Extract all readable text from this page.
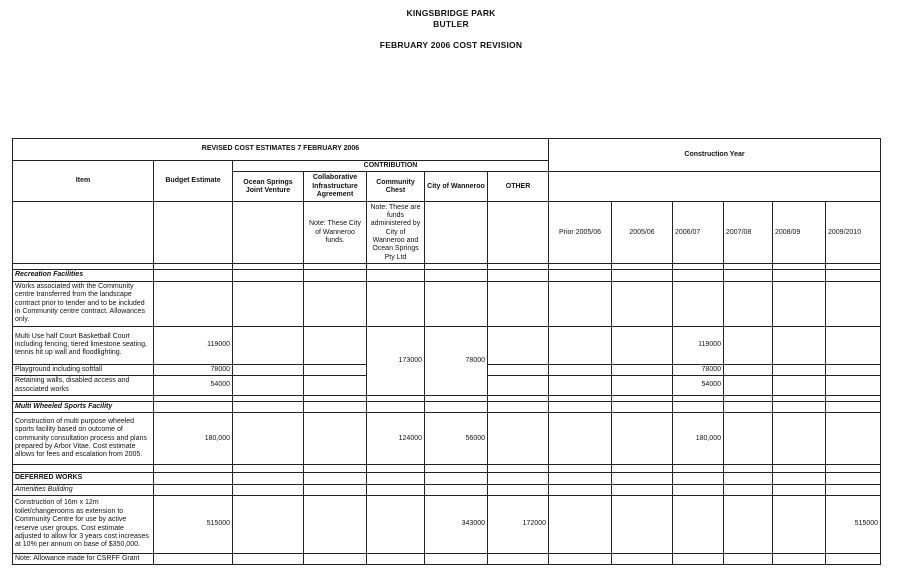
KINGSBRIDGE PARK
BUTLER
FEBRUARY 2006 COST REVISION
REVISED COST ESTIMATES 7 FEBRUARY 2006							Construction Year					
Item	Budget Estimate	CONTRIBUTION										
		Ocean Springs Joint Venture	Collaborative Infrastructure Agreement	Community Chest	City of Wanneroo	OTHER						
			Note: These City of Wanneroo funds.	Note: These are funds administered by City of Wanneroo and Ocean Springs Pty Ltd			Prior 2005/06	2005/06	2006/07	2007/08	2008/09	2009/2010

Recreation Facilities												
Works associated with the Community centre transferred from the landscape contract prior to tender and to be included in Community centre contract. Allowances only.												
Multi Use half Court Basketball Court including fencing, tiered limestone seating, tennis hit up wall and floodlighting.	119000			173000	78000				119000			
Playground including softfall	78000								78000			
Retaining walls, disabled access and associated works	54000								54000			

Multi Wheeled Sports Facility												
Construction of multi purpose wheeled sports facility based on outcome of community consultation process and plans prepared by Arbor Vitae. Cost estimate allows for fees and escalation from 2005.	180,000			124000	56000				180,000			

DEFERRED WORKS												
Amenities Building												
Construction of 16m x 12m toilet/changerooms as extension to Community Centre for use by active reserve user groups. Cost estimate adjusted to allow for 3 years cost increases at 10% per annum on base of $350,000.	515000				343000	172000						515000
Note: Allowance made for CSRFF Grant												
